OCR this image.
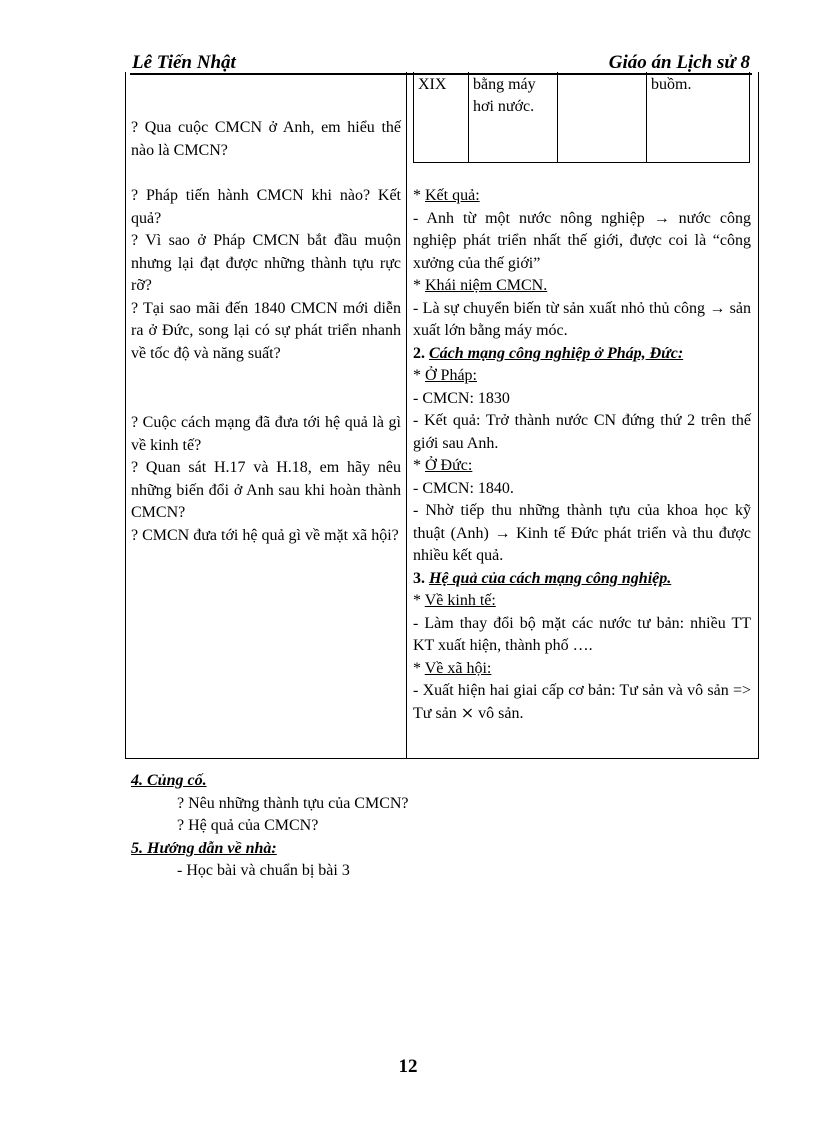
Lê Tiến Nhật	Giáo án Lịch sử 8
XIX	bằng máy hơi nước.		buồm.

? Qua cuộc CMCN ở Anh, em hiểu thế nào là CMCN?

? Pháp tiến hành CMCN khi nào? Kết quả?

? Vì sao ở Pháp CMCN bắt đầu muộn nhưng lại đạt được những thành tựu rực rỡ?

? Tại sao mãi đến 1840 CMCN mới diễn ra ở Đức, song lại có sự phát triển nhanh về tốc độ và năng suất?

? Cuộc cách mạng đã đưa tới hệ quả là gì về kinh tế?

? Quan sát H.17 và H.18, em hãy nêu những biến đổi ở Anh sau khi hoàn thành CMCN?

? CMCN đưa tới hệ quả gì về mặt xã hội?

* Kết quả:

- Anh từ một nước nông nghiệp → nước công nghiệp phát triển nhất thế giới, được coi là “công xưởng của thế giới”

* Khái niệm CMCN.

- Là sự chuyển biến từ sản xuất nhỏ thủ công → sản xuất lớn bằng máy móc.

2. Cách mạng công nghiệp ở Pháp, Đức:

* Ở Pháp:

- CMCN: 1830

- Kết quả: Trở thành nước CN đứng thứ 2 trên thế giới sau Anh.

* Ở Đức:

- CMCN: 1840.

- Nhờ tiếp thu những thành tựu của khoa học kỹ thuật (Anh) → Kinh tế Đức phát triển và thu được nhiều kết quả.

3. Hệ quả của cách mạng công nghiệp.

* Về kinh tế:

- Làm thay đổi bộ mặt các nước tư bản: nhiều TT KT xuất hiện, thành phố ….

* Về xã hội:

- Xuất hiện hai giai cấp cơ bản: Tư sản và vô sản => Tư sản ⨯ vô sản.

4. Củng cố.

? Nêu những thành tựu của CMCN?

? Hệ quả của CMCN?

5. Hướng dẫn về nhà:

- Học bài và chuẩn bị bài 3

12
